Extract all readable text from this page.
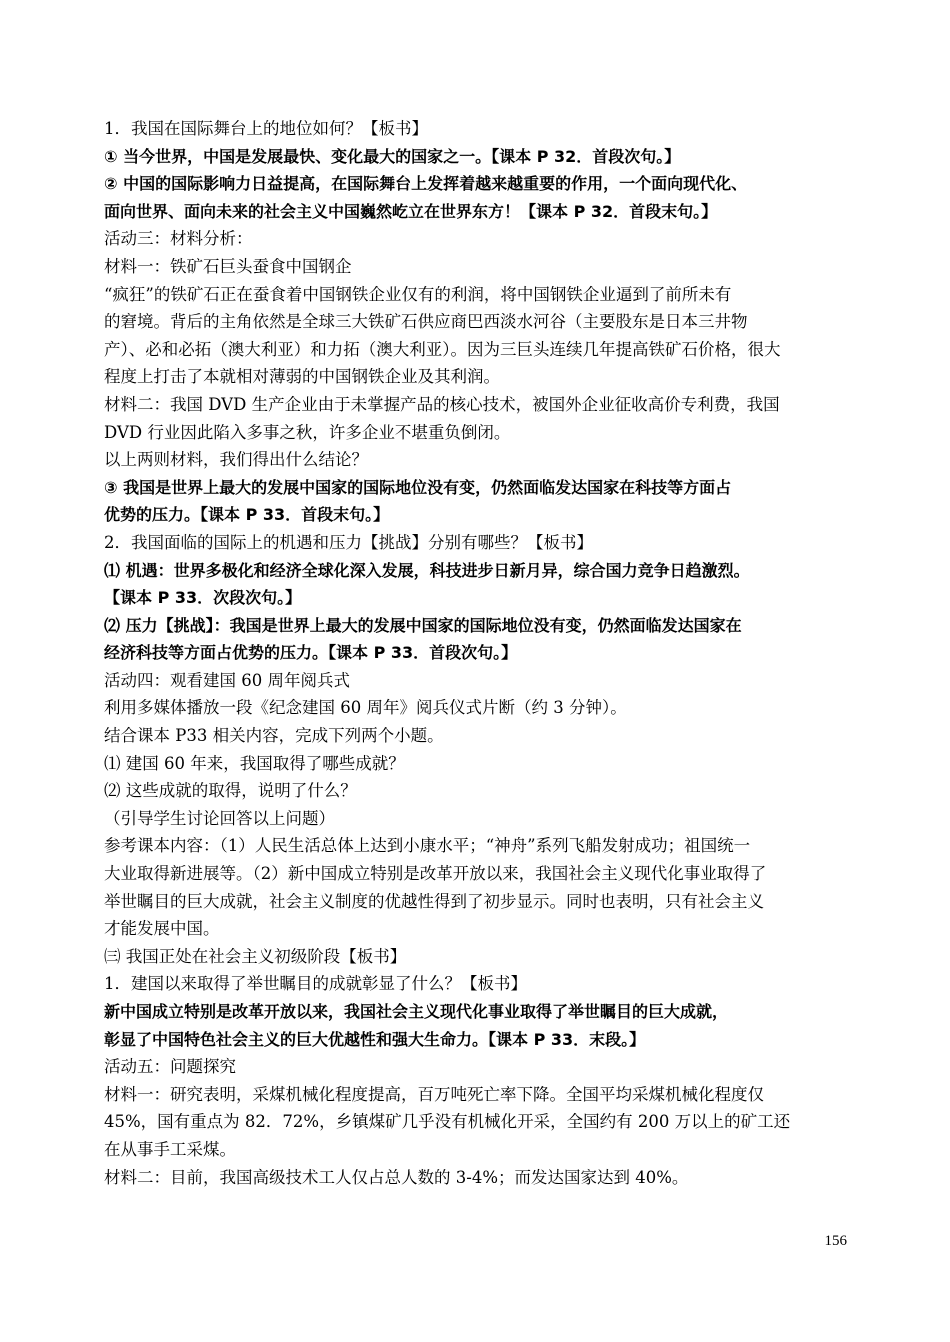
1．我国在国际舞台上的地位如何？【板书】
① 当今世界，中国是发展最快、变化最大的国家之一。【课本 P 32．首段次句。】
② 中国的国际影响力日益提高，在国际舞台上发挥着越来越重要的作用，一个面向现代化、
面向世界、面向未来的社会主义中国巍然屹立在世界东方！【课本 P 32．首段末句。】
活动三：材料分析：
材料一：铁矿石巨头蚕食中国钢企
“疯狂”的铁矿石正在蚕食着中国钢铁企业仅有的利润，将中国钢铁企业逼到了前所未有
的窘境。背后的主角依然是全球三大铁矿石供应商巴西淡水河谷（主要股东是日本三井物
产）、必和必拓（澳大利亚）和力拓（澳大利亚）。因为三巨头连续几年提高铁矿石价格，很大
程度上打击了本就相对薄弱的中国钢铁企业及其利润。
材料二：我国 DVD 生产企业由于未掌握产品的核心技术，被国外企业征收高价专利费，我国
DVD 行业因此陷入多事之秋，许多企业不堪重负倒闭。
以上两则材料，我们得出什么结论？
③ 我国是世界上最大的发展中国家的国际地位没有变，仍然面临发达国家在科技等方面占
优势的压力。【课本 P 33．首段末句。】
2．我国面临的国际上的机遇和压力【挑战】分别有哪些？【板书】
⑴ 机遇：世界多极化和经济全球化深入发展，科技进步日新月异，综合国力竞争日趋激烈。
【课本 P 33．次段次句。】
⑵ 压力【挑战】：我国是世界上最大的发展中国家的国际地位没有变，仍然面临发达国家在
经济科技等方面占优势的压力。【课本 P 33．首段次句。】
活动四：观看建国 60 周年阅兵式
利用多媒体播放一段《纪念建国 60 周年》阅兵仪式片断（约 3 分钟）。
结合课本 P33 相关内容，完成下列两个小题。
⑴ 建国 60 年来，我国取得了哪些成就？
⑵ 这些成就的取得，说明了什么？
（引导学生讨论回答以上问题）
参考课本内容：（1）人民生活总体上达到小康水平；“神舟”系列飞船发射成功；祖国统一
大业取得新进展等。（2）新中国成立特别是改革开放以来，我国社会主义现代化事业取得了
举世瞩目的巨大成就，社会主义制度的优越性得到了初步显示。同时也表明，只有社会主义
才能发展中国。
㈢ 我国正处在社会主义初级阶段【板书】
1．建国以来取得了举世瞩目的成就彰显了什么？【板书】
新中国成立特别是改革开放以来，我国社会主义现代化事业取得了举世瞩目的巨大成就，
彰显了中国特色社会主义的巨大优越性和强大生命力。【课本 P 33．末段。】
活动五：问题探究
材料一：研究表明，采煤机械化程度提高，百万吨死亡率下降。全国平均采煤机械化程度仅
45%，国有重点为 82．72%，乡镇煤矿几乎没有机械化开采，全国约有 200 万以上的矿工还
在从事手工采煤。
材料二：目前，我国高级技术工人仅占总人数的 3-4%；而发达国家达到 40%。
156
